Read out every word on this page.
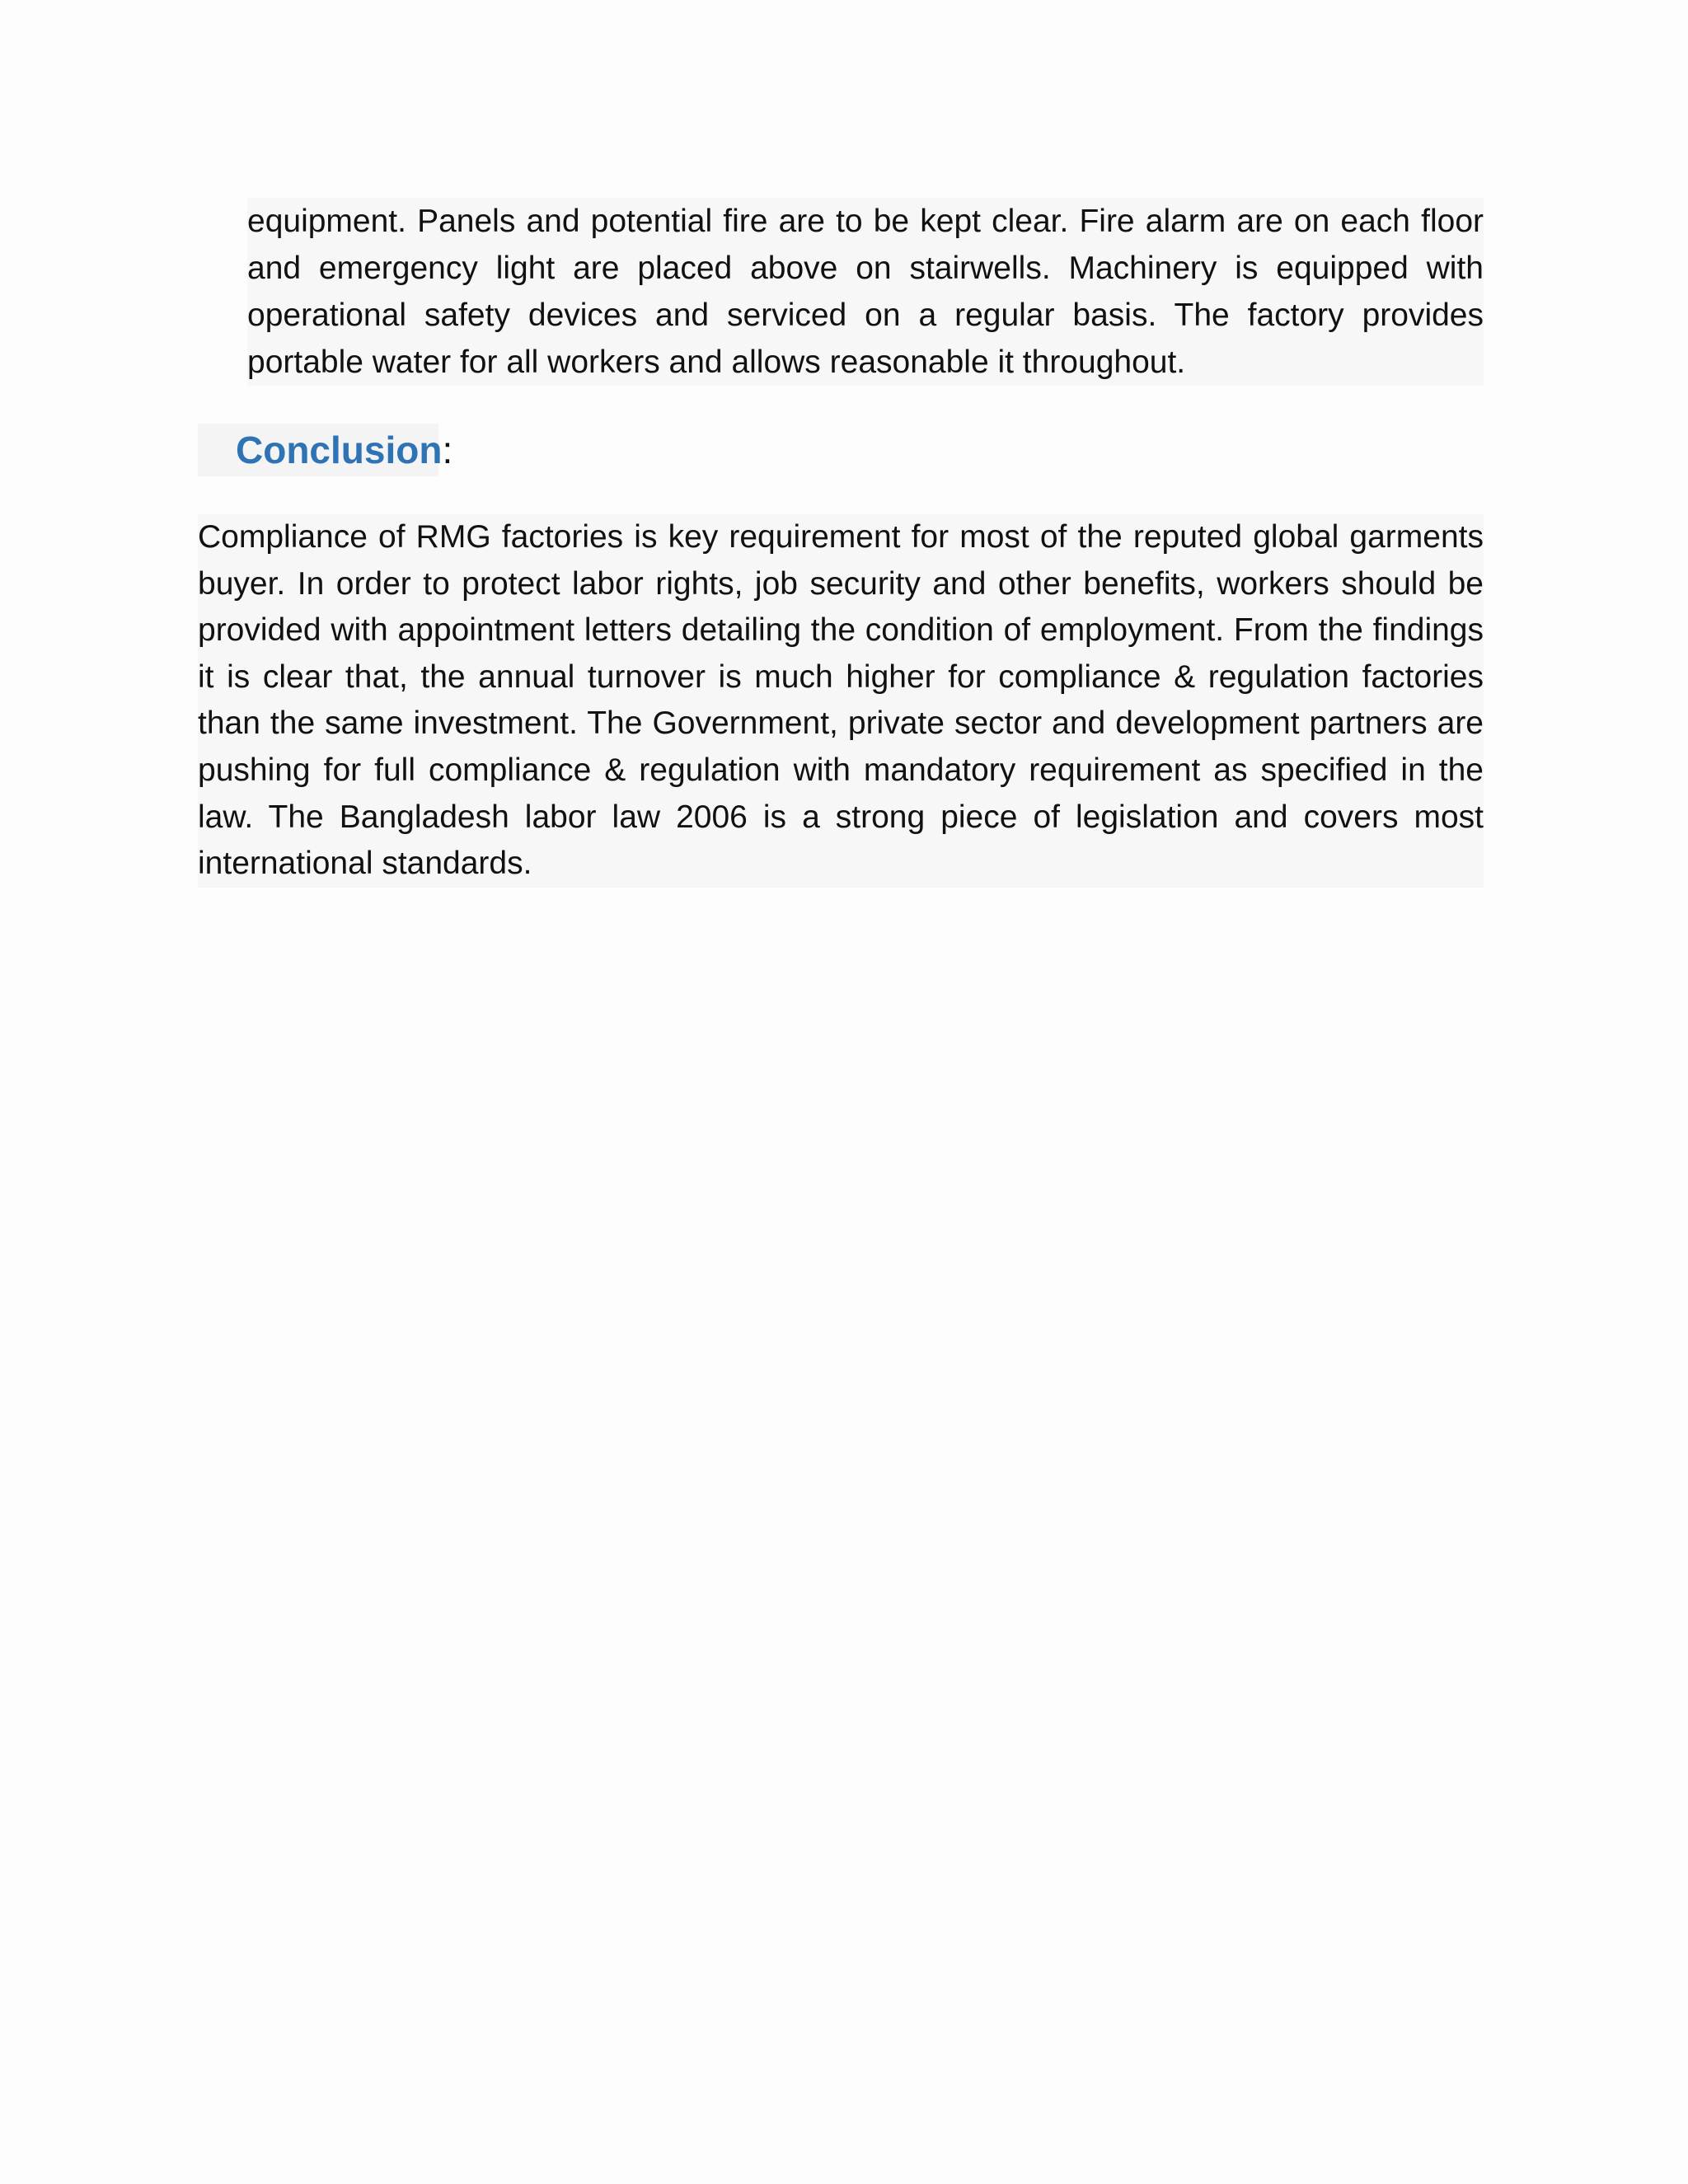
equipment. Panels and potential fire are to be kept clear. Fire alarm are on each floor and emergency light are placed above on stairwells. Machinery is equipped with operational safety devices and serviced on a regular basis. The factory provides portable water for all workers and allows reasonable it throughout.

Conclusion:

Compliance of RMG factories is key requirement for most of the reputed global garments buyer. In order to protect labor rights, job security and other benefits, workers should be provided with appointment letters detailing the condition of employment. From the findings it is clear that, the annual turnover is much higher for compliance & regulation factories than the same investment. The Government, private sector and development partners are pushing for full compliance & regulation with mandatory requirement as specified in the law. The Bangladesh labor law 2006 is a strong piece of legislation and covers most international standards.
